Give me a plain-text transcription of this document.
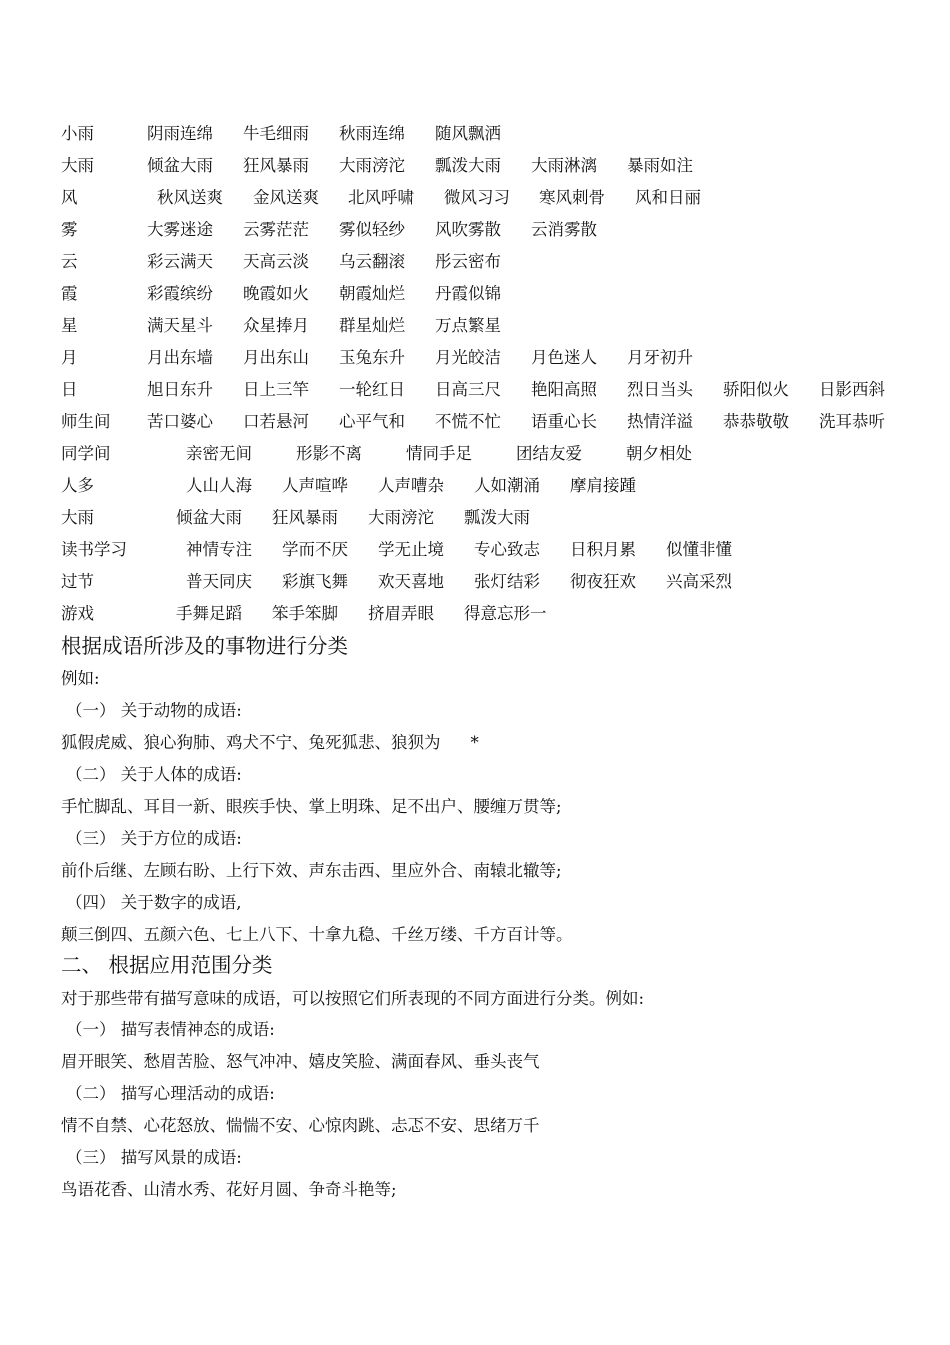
小雨	阴雨连绵 牛毛细雨 秋雨连绵 随风飘洒
大雨	倾盆大雨 狂风暴雨 大雨滂沱 瓢泼大雨 大雨淋漓 暴雨如注
风	秋风送爽 金风送爽 北风呼啸 微风习习 寒风刺骨 风和日丽
雾	大雾迷途 云雾茫茫 雾似轻纱 风吹雾散 云消雾散
云	彩云满天 天高云淡 乌云翻滚 彤云密布
霞	彩霞缤纷 晚霞如火 朝霞灿烂 丹霞似锦
星	满天星斗 众星捧月 群星灿烂 万点繁星
月	月出东墙 月出东山 玉兔东升 月光皎洁 月色迷人 月牙初升
日	旭日东升 日上三竿 一轮红日 日高三尺 艳阳高照 烈日当头 骄阳似火 日影西斜
师生间 苦口婆心 口若悬河 心平气和 不慌不忙 语重心长 热情洋溢 恭恭敬敬 洗耳恭听
同学间	亲密无间	形影不离	情同手足	团结友爱	朝夕相处
人多	人山人海 人声喧哗 人声嘈杂 人如潮涌 摩肩接踵
大雨	倾盆大雨 狂风暴雨 大雨滂沱 瓢泼大雨
读书学习	神情专注 学而不厌 学无止境 专心致志 日积月累 似懂非懂
过节	普天同庆 彩旗飞舞 欢天喜地 张灯结彩 彻夜狂欢 兴高采烈
游戏	手舞足蹈 笨手笨脚 挤眉弄眼 得意忘形一
根据成语所涉及的事物进行分类
例如:
（一） 关于动物的成语:
狐假虎威、狼心狗肺、鸡犬不宁、兔死狐悲、狼狈为 *
（二） 关于人体的成语:
手忙脚乱、耳目一新、眼疾手快、掌上明珠、足不出户、腰缠万贯等;
（三） 关于方位的成语:
前仆后继、左顾右盼、上行下效、声东击西、里应外合、南辕北辙等;
（四） 关于数字的成语,
颠三倒四、五颜六色、七上八下、十拿九稳、千丝万缕、千方百计等。
二、 根据应用范围分类
对于那些带有描写意味的成语，可以按照它们所表现的不同方面进行分类。例如:
（一） 描写表情神态的成语:
眉开眼笑、愁眉苦脸、怒气冲冲、嬉皮笑脸、满面春风、垂头丧气
（二） 描写心理活动的成语:
情不自禁、心花怒放、惴惴不安、心惊肉跳、忐忑不安、思绪万千
（三） 描写风景的成语:
鸟语花香、山清水秀、花好月圆、争奇斗艳等;
